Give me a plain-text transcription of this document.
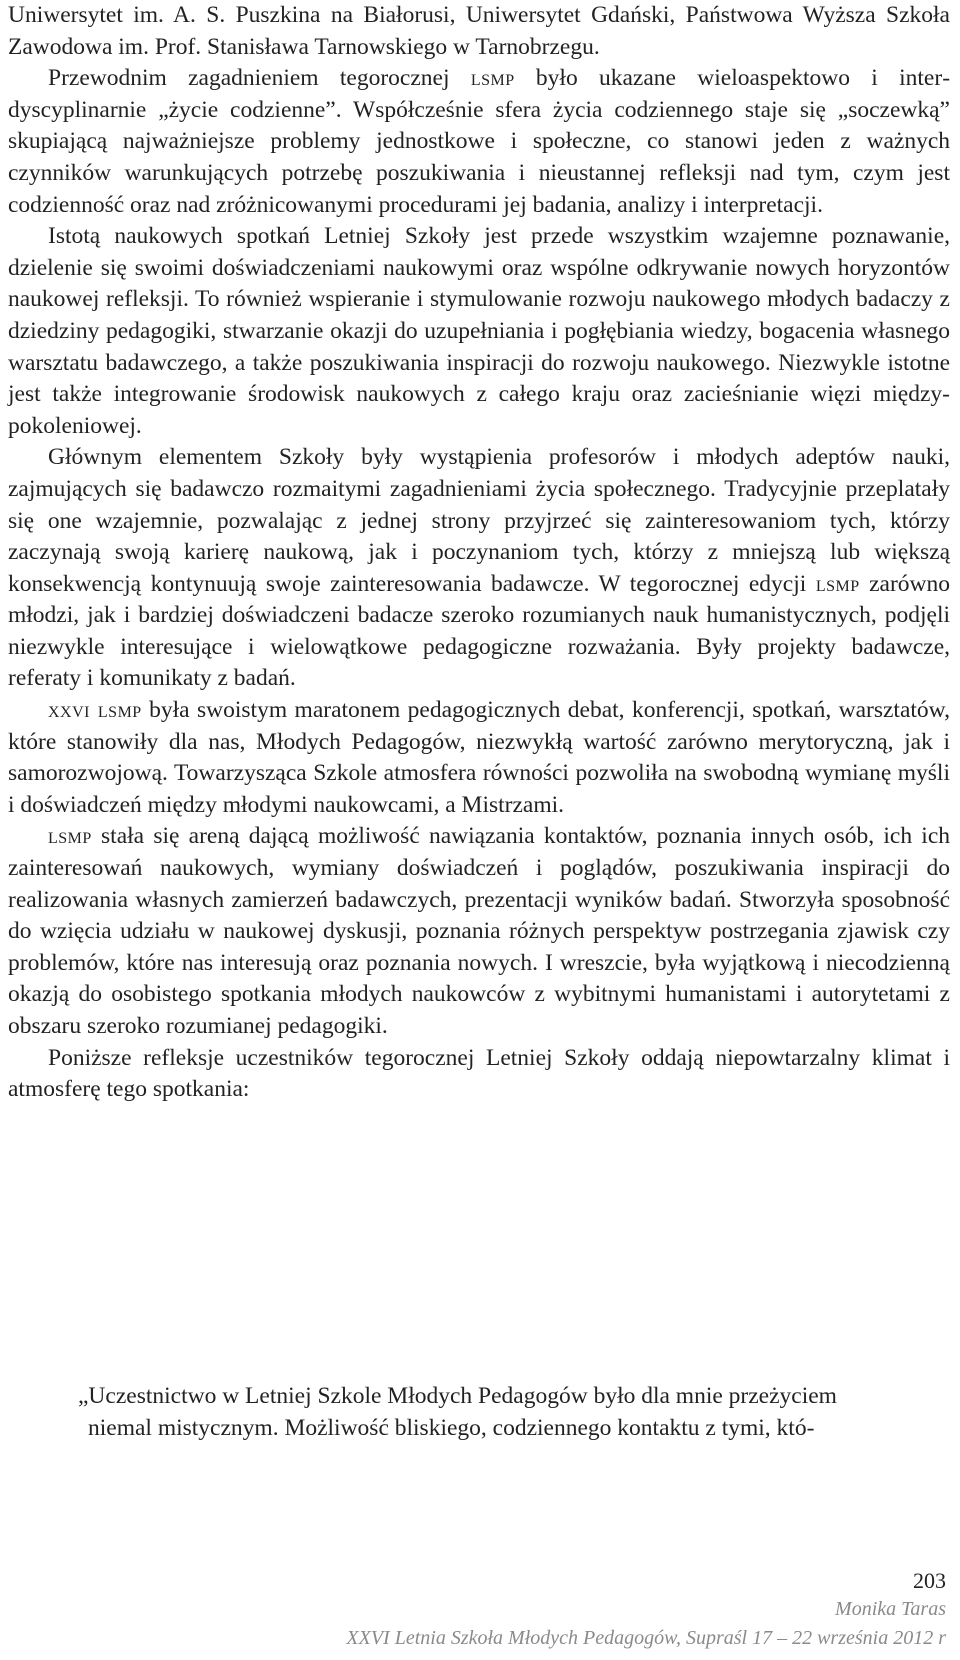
Uniwersytet im. A. S. Puszkina na Białorusi, Uniwersytet Gdański, Państwowa Wyższa Szkoła Zawodowa im. Prof. Stanisława Tarnowskiego w Tarnobrzegu.

Przewodnim zagadnieniem tegorocznej lsmp było ukazane wieloaspektowo i interdyscyplinarnie „życie codzienne”. Współcześnie sfera życia codziennego staje się „soczewką” skupiającą najważniejsze problemy jednostkowe i społeczne, co stanowi jeden z ważnych czynników warunkujących potrzebę poszukiwania i nieustannej refleksji nad tym, czym jest codzienność oraz nad zróżnicowanymi procedurami jej badania, analizy i interpretacji.

Istotą naukowych spotkań Letniej Szkoły jest przede wszystkim wzajemne poznawanie, dzielenie się swoimi doświadczeniami naukowymi oraz wspólne odkrywanie nowych horyzontów naukowej refleksji. To również wspieranie i stymulowanie rozwoju naukowego młodych badaczy z dziedziny pedagogiki, stwarzanie okazji do uzupełniania i pogłębiania wiedzy, bogacenia własnego warsztatu badawczego, a także poszukiwania inspiracji do rozwoju naukowego. Niezwykle istotne jest także integrowanie środowisk naukowych z całego kraju oraz zacieśnianie więzi międzypokoleniowej.

Głównym elementem Szkoły były wystąpienia profesorów i młodych adeptów nauki, zajmujących się badawczo rozmaitymi zagadnieniami życia społecznego. Tradycyjnie przeplatały się one wzajemnie, pozwalając z jednej strony przyjrzeć się zainteresowaniom tych, którzy zaczynają swoją karierę naukową, jak i poczynaniom tych, którzy z mniejszą lub większą konsekwencją kontynuują swoje zainteresowania badawcze. W tegorocznej edycji lsmp zarówno młodzi, jak i bardziej doświadczeni badacze szeroko rozumianych nauk humanistycznych, podjęli niezwykle interesujące i wielowątkowe pedagogiczne rozważania. Były projekty badawcze, referaty i komunikaty z badań.

xxvi lsmp była swoistym maratonem pedagogicznych debat, konferencji, spotkań, warsztatów, które stanowiły dla nas, Młodych Pedagogów, niezwykłą wartość zarówno merytoryczną, jak i samorozwojową. Towarzysząca Szkole atmosfera równości pozwoliła na swobodną wymianę myśli i doświadczeń między młodymi naukowcami, a Mistrzami.

lsmp stała się areną dającą możliwość nawiązania kontaktów, poznania innych osób, ich ich zainteresowań naukowych, wymiany doświadczeń i poglądów, poszukiwania inspiracji do realizowania własnych zamierzeń badawczych, prezentacji wyników badań. Stworzyła sposobność do wzięcia udziału w naukowej dyskusji, poznania różnych perspektyw postrzegania zjawisk czy problemów, które nas interesują oraz poznania nowych. I wreszcie, była wyjątkową i niecodzienną okazją do osobistego spotkania młodych naukowców z wybitnymi humanistami i autorytetami z obszaru szeroko rozumianej pedagogiki.

Poniższe refleksje uczestników tegorocznej Letniej Szkoły oddają niepowtarzalny klimat i atmosferę tego spotkania:

„Uczestnictwo w Letniej Szkole Młodych Pedagogów było dla mnie przeżyciem
niemal mistycznym. Możliwość bliskiego, codziennego kontaktu z tymi, któ-
203
Monika Taras
XXVI Letnia Szkoła Młodych Pedagogów, Supraśl 17 – 22 września 2012 r
